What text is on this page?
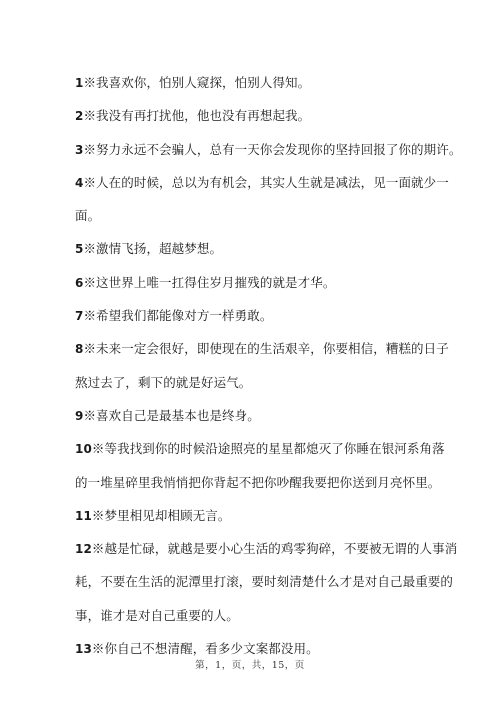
1※我喜欢你，怕别人窥探，怕别人得知。
2※我没有再打扰他，他也没有再想起我。
3※努力永远不会骗人，总有一天你会发现你的坚持回报了你的期许。
4※人在的时候，总以为有机会，其实人生就是减法，见一面就少一
面。
5※激情飞扬，超越梦想。
6※这世界上唯一扛得住岁月摧残的就是才华。
7※希望我们都能像对方一样勇敢。
8※未来一定会很好，即使现在的生活艰辛，你要相信，糟糕的日子
熬过去了，剩下的就是好运气。
9※喜欢自己是最基本也是终身。
10※等我找到你的时候沿途照亮的星星都熄灭了你睡在银河系角落
的一堆星碎里我悄悄把你背起不把你吵醒我要把你送到月亮怀里。
11※梦里相见却相顾无言。
12※越是忙碌，就越是要小心生活的鸡零狗碎，不要被无谓的人事消
耗，不要在生活的泥潭里打滚，要时刻清楚什么才是对自己最重要的
事，谁才是对自己重要的人。
13※你自己不想清醒，看多少文案都没用。
第，1，页，共，15，页
